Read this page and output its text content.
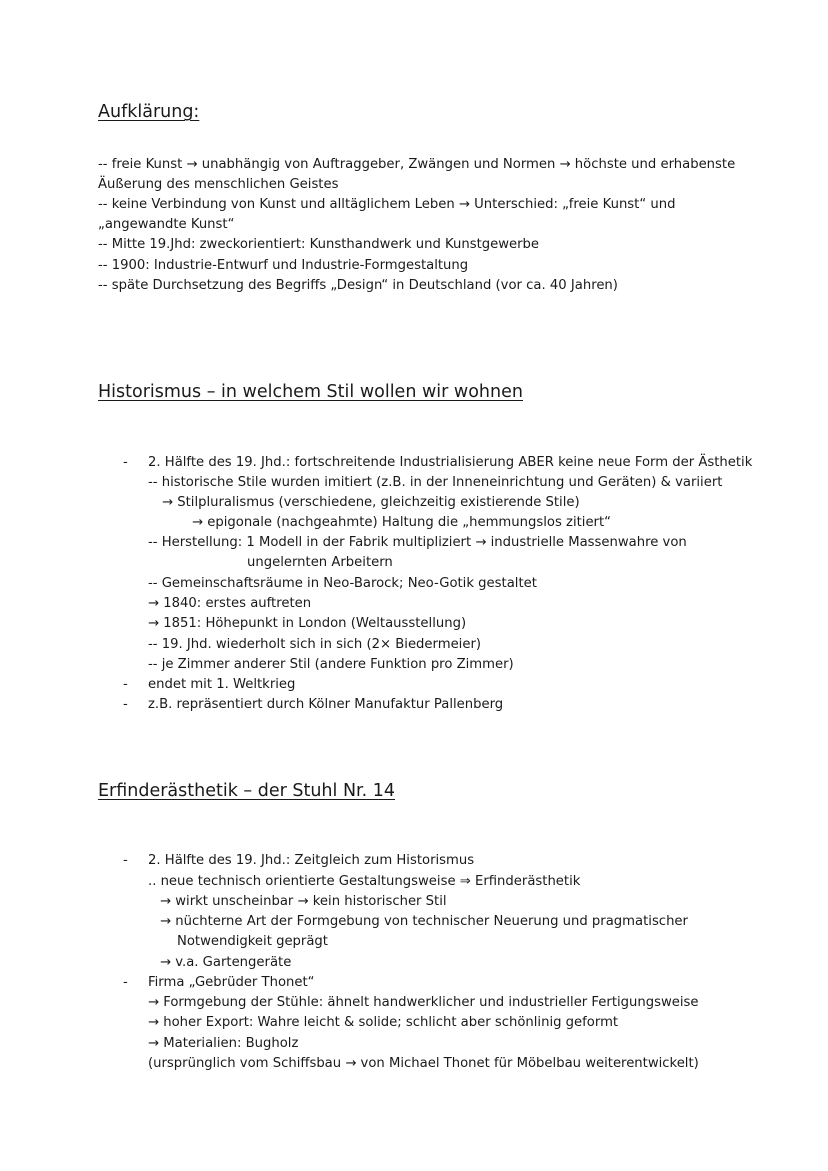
Aufklärung:
-- freie Kunst → unabhängig von Auftraggeber, Zwängen und Normen → höchste und erhabenste
Äußerung des menschlichen Geistes
-- keine Verbindung von Kunst und alltäglichem Leben → Unterschied: „freie Kunst“ und
„angewandte Kunst“
-- Mitte 19.Jhd: zweckorientiert: Kunsthandwerk und Kunstgewerbe
-- 1900: Industrie-Entwurf und Industrie-Formgestaltung
-- späte Durchsetzung des Begriffs „Design“ in Deutschland (vor ca. 40 Jahren)
Historismus – in welchem Stil wollen wir wohnen
- 2. Hälfte des 19. Jhd.: fortschreitende Industrialisierung ABER keine neue Form der Ästhetik
-- historische Stile wurden imitiert (z.B. in der Inneneinrichtung und Geräten) & variiert
→ Stilpluralismus (verschiedene, gleichzeitig existierende Stile)
→ epigonale (nachgeahmte) Haltung die „hemmungslos zitiert“
-- Herstellung: 1 Modell in der Fabrik multipliziert → industrielle Massenwahre von
ungelernten Arbeitern
-- Gemeinschaftsräume in Neo-Barock; Neo-Gotik gestaltet
→ 1840: erstes auftreten
→ 1851: Höhepunkt in London (Weltausstellung)
-- 19. Jhd. wiederholt sich in sich (2× Biedermeier)
-- je Zimmer anderer Stil (andere Funktion pro Zimmer)
- endet mit 1. Weltkrieg
- z.B. repräsentiert durch Kölner Manufaktur Pallenberg
Erfinderästhetik – der Stuhl Nr. 14
- 2. Hälfte des 19. Jhd.: Zeitgleich zum Historismus
.. neue technisch orientierte Gestaltungsweise ⇒ Erfinderästhetik
→ wirkt unscheinbar → kein historischer Stil
→ nüchterne Art der Formgebung von technischer Neuerung und pragmatischer
Notwendigkeit geprägt
→ v.a. Gartengeräte
- Firma „Gebrüder Thonet“
→ Formgebung der Stühle: ähnelt handwerklicher und industrieller Fertigungsweise
→ hoher Export: Wahre leicht & solide; schlicht aber schönlinig geformt
→ Materialien: Bugholz
(ursprünglich vom Schiffsbau → von Michael Thonet für Möbelbau weiterentwickelt)
